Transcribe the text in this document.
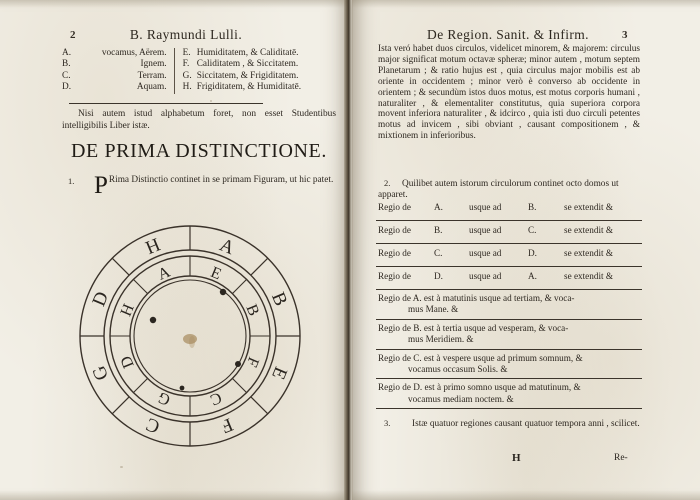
2	B. Raymundi Lulli.
A.	vocamus, Aërem.		E.	Humiditatem, & Caliditatē.
B.	Ignem.		F.	Caliditatem , & Siccitatem.
C.	Terram.		G.	Siccitatem, & Frigiditatem.
D.	Aquam.		H.	Frigiditatem, & Humiditatē.
Nisi autem istud alphabetum foret, non esset Studentibus intelligibilis Liber istæ.
DE PRIMA DISTINCTIONE.
1. P Rima Distinctio continet in se primam Figuram, ut hic patet.
A
B
E
F
C
G
D
H
E
B
F
C
G
D
H
A
De Region. Sanit. & Infirm.	3
Ista veró habet duos circulos, videlicet minorem, & majorem: circulus major significat motum octavæ spheræ; minor autem , motum septem Planetarum ; & ratio hujus est , quia circulus major mobilis est ab oriente in occidentem ; minor verò è converso ab occidente in orientem ; & secundùm istos duos motus, est motus corporis humani , naturaliter , & elementaliter constitutus, quia superiora corpora movent inferiora naturaliter , & idcirco , quia isti duo circuli petentes motus ad invicem , sibi obviant , causant compositionem , & mixtionem in inferioribus.
2. Quilibet autem istorum circulorum continet octo domos ut apparet.
Regio de	A.	usque ad	B.	se extendit &
Regio de	B.	usque ad	C.	se extendit &
Regio de	C.	usque ad	D.	se extendit &
Regio de	D.	usque ad	A.	se extendit &
Regio de A. est à matutinis usque ad tertiam, & voca-
mus Mane. &
Regio de B. est à tertia usque ad vesperam, & voca-
mus Meridiem. &
Regio de C. est à vespere usque ad primum somnum, &
vocamus occasum Solis. &
Regio de D. est à primo somno usque ad matutinum, &
vocamus mediam noctem. &
3. Istæ quatuor regiones causant quatuor tempora anni , scilicet.
H	Re-
